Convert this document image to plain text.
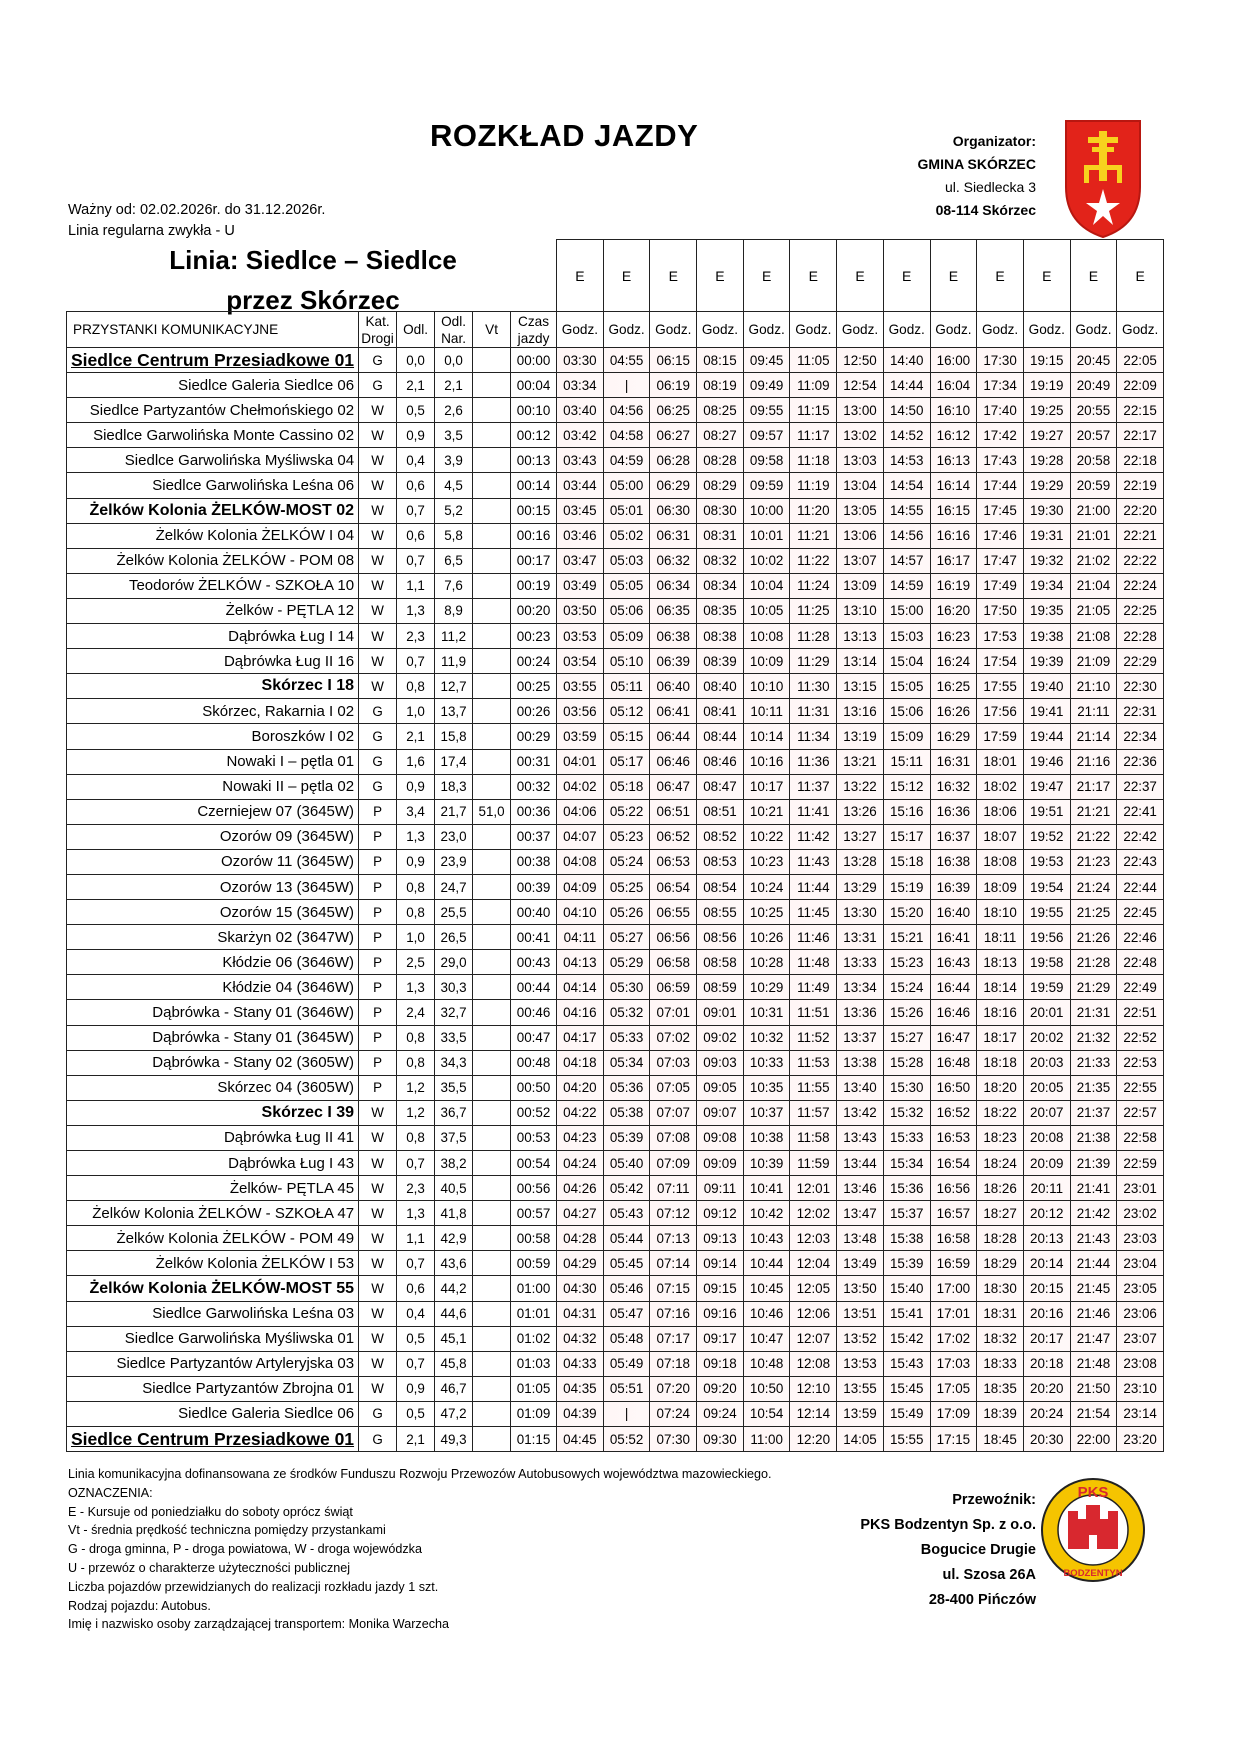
ROZKŁAD JAZDY	Organizator:
GMINA SKÓRZEC
ul. Siedlecka 3
08-114 Skórzec
Ważny od: 02.02.2026r. do 31.12.2026r.
Linia regularna zwykła - U
Linia: Siedlce – Siedlce
przez Skórzec
						E	E	E	E	E	E	E	E	E	E	E	E	E
PRZYSTANKI KOMUNIKACYJNE	Kat. Drogi	Odl.	Odl. Nar.	Vt	Czas jazdy	Godz.	Godz.	Godz.	Godz.	Godz.	Godz.	Godz.	Godz.	Godz.	Godz.	Godz.	Godz.	Godz.
Siedlce Centrum Przesiadkowe 01	G	0,0	0,0		00:00	03:30	04:55	06:15	08:15	09:45	11:05	12:50	14:40	16:00	17:30	19:15	20:45	22:05
Siedlce Galeria Siedlce 06	G	2,1	2,1		00:04	03:34	|	06:19	08:19	09:49	11:09	12:54	14:44	16:04	17:34	19:19	20:49	22:09
Siedlce Partyzantów Chełmońskiego 02	W	0,5	2,6		00:10	03:40	04:56	06:25	08:25	09:55	11:15	13:00	14:50	16:10	17:40	19:25	20:55	22:15
Siedlce Garwolińska Monte Cassino 02	W	0,9	3,5		00:12	03:42	04:58	06:27	08:27	09:57	11:17	13:02	14:52	16:12	17:42	19:27	20:57	22:17
Siedlce Garwolińska Myśliwska 04	W	0,4	3,9		00:13	03:43	04:59	06:28	08:28	09:58	11:18	13:03	14:53	16:13	17:43	19:28	20:58	22:18
Siedlce Garwolińska Leśna 06	W	0,6	4,5		00:14	03:44	05:00	06:29	08:29	09:59	11:19	13:04	14:54	16:14	17:44	19:29	20:59	22:19
Żelków Kolonia ŻELKÓW-MOST 02	W	0,7	5,2		00:15	03:45	05:01	06:30	08:30	10:00	11:20	13:05	14:55	16:15	17:45	19:30	21:00	22:20
Żelków Kolonia ŻELKÓW I 04	W	0,6	5,8		00:16	03:46	05:02	06:31	08:31	10:01	11:21	13:06	14:56	16:16	17:46	19:31	21:01	22:21
Żelków Kolonia ŻELKÓW - POM 08	W	0,7	6,5		00:17	03:47	05:03	06:32	08:32	10:02	11:22	13:07	14:57	16:17	17:47	19:32	21:02	22:22
Teodorów ŻELKÓW - SZKOŁA 10	W	1,1	7,6		00:19	03:49	05:05	06:34	08:34	10:04	11:24	13:09	14:59	16:19	17:49	19:34	21:04	22:24
Żelków - PĘTLA 12	W	1,3	8,9		00:20	03:50	05:06	06:35	08:35	10:05	11:25	13:10	15:00	16:20	17:50	19:35	21:05	22:25
Dąbrówka Ług I 14	W	2,3	11,2		00:23	03:53	05:09	06:38	08:38	10:08	11:28	13:13	15:03	16:23	17:53	19:38	21:08	22:28
Dąbrówka Ług II 16	W	0,7	11,9		00:24	03:54	05:10	06:39	08:39	10:09	11:29	13:14	15:04	16:24	17:54	19:39	21:09	22:29
Skórzec I 18	W	0,8	12,7		00:25	03:55	05:11	06:40	08:40	10:10	11:30	13:15	15:05	16:25	17:55	19:40	21:10	22:30
Skórzec, Rakarnia I 02	G	1,0	13,7		00:26	03:56	05:12	06:41	08:41	10:11	11:31	13:16	15:06	16:26	17:56	19:41	21:11	22:31
Boroszków I 02	G	2,1	15,8		00:29	03:59	05:15	06:44	08:44	10:14	11:34	13:19	15:09	16:29	17:59	19:44	21:14	22:34
Nowaki I – pętla 01	G	1,6	17,4		00:31	04:01	05:17	06:46	08:46	10:16	11:36	13:21	15:11	16:31	18:01	19:46	21:16	22:36
Nowaki II – pętla 02	G	0,9	18,3		00:32	04:02	05:18	06:47	08:47	10:17	11:37	13:22	15:12	16:32	18:02	19:47	21:17	22:37
Czerniejew 07 (3645W)	P	3,4	21,7	51,0	00:36	04:06	05:22	06:51	08:51	10:21	11:41	13:26	15:16	16:36	18:06	19:51	21:21	22:41
Ozorów 09 (3645W)	P	1,3	23,0		00:37	04:07	05:23	06:52	08:52	10:22	11:42	13:27	15:17	16:37	18:07	19:52	21:22	22:42
Ozorów 11 (3645W)	P	0,9	23,9		00:38	04:08	05:24	06:53	08:53	10:23	11:43	13:28	15:18	16:38	18:08	19:53	21:23	22:43
Ozorów 13 (3645W)	P	0,8	24,7		00:39	04:09	05:25	06:54	08:54	10:24	11:44	13:29	15:19	16:39	18:09	19:54	21:24	22:44
Ozorów 15 (3645W)	P	0,8	25,5		00:40	04:10	05:26	06:55	08:55	10:25	11:45	13:30	15:20	16:40	18:10	19:55	21:25	22:45
Skarżyn 02 (3647W)	P	1,0	26,5		00:41	04:11	05:27	06:56	08:56	10:26	11:46	13:31	15:21	16:41	18:11	19:56	21:26	22:46
Kłódzie 06 (3646W)	P	2,5	29,0		00:43	04:13	05:29	06:58	08:58	10:28	11:48	13:33	15:23	16:43	18:13	19:58	21:28	22:48
Kłódzie 04 (3646W)	P	1,3	30,3		00:44	04:14	05:30	06:59	08:59	10:29	11:49	13:34	15:24	16:44	18:14	19:59	21:29	22:49
Dąbrówka - Stany 01 (3646W)	P	2,4	32,7		00:46	04:16	05:32	07:01	09:01	10:31	11:51	13:36	15:26	16:46	18:16	20:01	21:31	22:51
Dąbrówka - Stany 01 (3645W)	P	0,8	33,5		00:47	04:17	05:33	07:02	09:02	10:32	11:52	13:37	15:27	16:47	18:17	20:02	21:32	22:52
Dąbrówka - Stany 02 (3605W)	P	0,8	34,3		00:48	04:18	05:34	07:03	09:03	10:33	11:53	13:38	15:28	16:48	18:18	20:03	21:33	22:53
Skórzec 04 (3605W)	P	1,2	35,5		00:50	04:20	05:36	07:05	09:05	10:35	11:55	13:40	15:30	16:50	18:20	20:05	21:35	22:55
Skórzec I 39	W	1,2	36,7		00:52	04:22	05:38	07:07	09:07	10:37	11:57	13:42	15:32	16:52	18:22	20:07	21:37	22:57
Dąbrówka Ług II 41	W	0,8	37,5		00:53	04:23	05:39	07:08	09:08	10:38	11:58	13:43	15:33	16:53	18:23	20:08	21:38	22:58
Dąbrówka Ług I 43	W	0,7	38,2		00:54	04:24	05:40	07:09	09:09	10:39	11:59	13:44	15:34	16:54	18:24	20:09	21:39	22:59
Żelków- PĘTLA 45	W	2,3	40,5		00:56	04:26	05:42	07:11	09:11	10:41	12:01	13:46	15:36	16:56	18:26	20:11	21:41	23:01
Żelków Kolonia ŻELKÓW - SZKOŁA 47	W	1,3	41,8		00:57	04:27	05:43	07:12	09:12	10:42	12:02	13:47	15:37	16:57	18:27	20:12	21:42	23:02
Żelków Kolonia ŻELKÓW - POM 49	W	1,1	42,9		00:58	04:28	05:44	07:13	09:13	10:43	12:03	13:48	15:38	16:58	18:28	20:13	21:43	23:03
Żelków Kolonia ŻELKÓW I 53	W	0,7	43,6		00:59	04:29	05:45	07:14	09:14	10:44	12:04	13:49	15:39	16:59	18:29	20:14	21:44	23:04
Żelków Kolonia ŻELKÓW-MOST 55	W	0,6	44,2		01:00	04:30	05:46	07:15	09:15	10:45	12:05	13:50	15:40	17:00	18:30	20:15	21:45	23:05
Siedlce Garwolińska Leśna 03	W	0,4	44,6		01:01	04:31	05:47	07:16	09:16	10:46	12:06	13:51	15:41	17:01	18:31	20:16	21:46	23:06
Siedlce Garwolińska Myśliwska 01	W	0,5	45,1		01:02	04:32	05:48	07:17	09:17	10:47	12:07	13:52	15:42	17:02	18:32	20:17	21:47	23:07
Siedlce Partyzantów Artyleryjska 03	W	0,7	45,8		01:03	04:33	05:49	07:18	09:18	10:48	12:08	13:53	15:43	17:03	18:33	20:18	21:48	23:08
Siedlce Partyzantów Zbrojna 01	W	0,9	46,7		01:05	04:35	05:51	07:20	09:20	10:50	12:10	13:55	15:45	17:05	18:35	20:20	21:50	23:10
Siedlce Galeria Siedlce 06	G	0,5	47,2		01:09	04:39	|	07:24	09:24	10:54	12:14	13:59	15:49	17:09	18:39	20:24	21:54	23:14
Siedlce Centrum Przesiadkowe 01	G	2,1	49,3		01:15	04:45	05:52	07:30	09:30	11:00	12:20	14:05	15:55	17:15	18:45	20:30	22:00	23:20
Linia komunikacyjna dofinansowana ze środków Funduszu Rozwoju Przewozów Autobusowych województwa mazowieckiego.
OZNACZENIA:
E - Kursuje od poniedziałku do soboty oprócz świąt
Vt - średnia prędkość techniczna pomiędzy przystankami
G - droga gminna, P - droga powiatowa, W - droga wojewódzka
U - przewóz o charakterze użyteczności publicznej
Liczba pojazdów przewidzianych do realizacji rozkładu jazdy 1 szt.
Rodzaj pojazdu: Autobus.
Imię i nazwisko osoby zarządzającej transportem: Monika Warzecha
Przewoźnik:
PKS Bodzentyn Sp. z o.o.
Bogucice Drugie
ul. Szosa 26A
28-400 Pińczów
PKS
BODZENTYN
